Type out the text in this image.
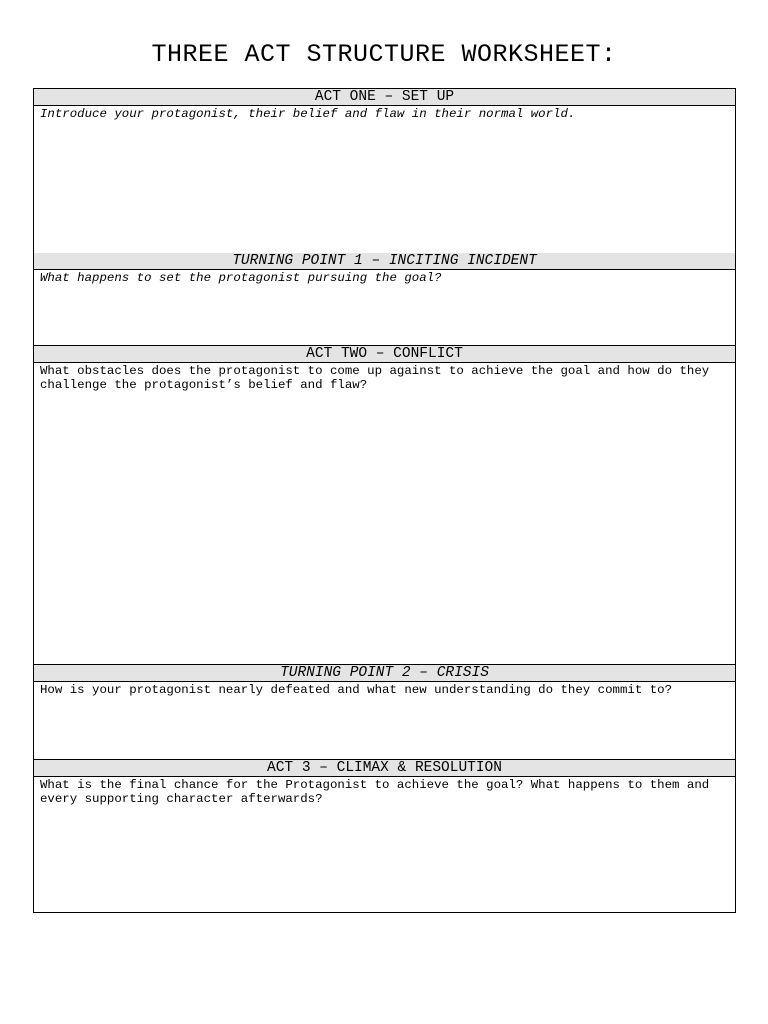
THREE ACT STRUCTURE WORKSHEET:
ACT ONE – SET UP
Introduce your protagonist, their belief and flaw in their normal world.
TURNING POINT 1 – INCITING INCIDENT
What happens to set the protagonist pursuing the goal?
ACT TWO – CONFLICT
What obstacles does the protagonist to come up against to achieve the goal and how do they challenge the protagonist’s belief and flaw?
TURNING POINT 2 – CRISIS
How is your protagonist nearly defeated and what new understanding do they commit to?
ACT 3 – CLIMAX & RESOLUTION
What is the final chance for the Protagonist to achieve the goal? What happens to them and every supporting character afterwards?
